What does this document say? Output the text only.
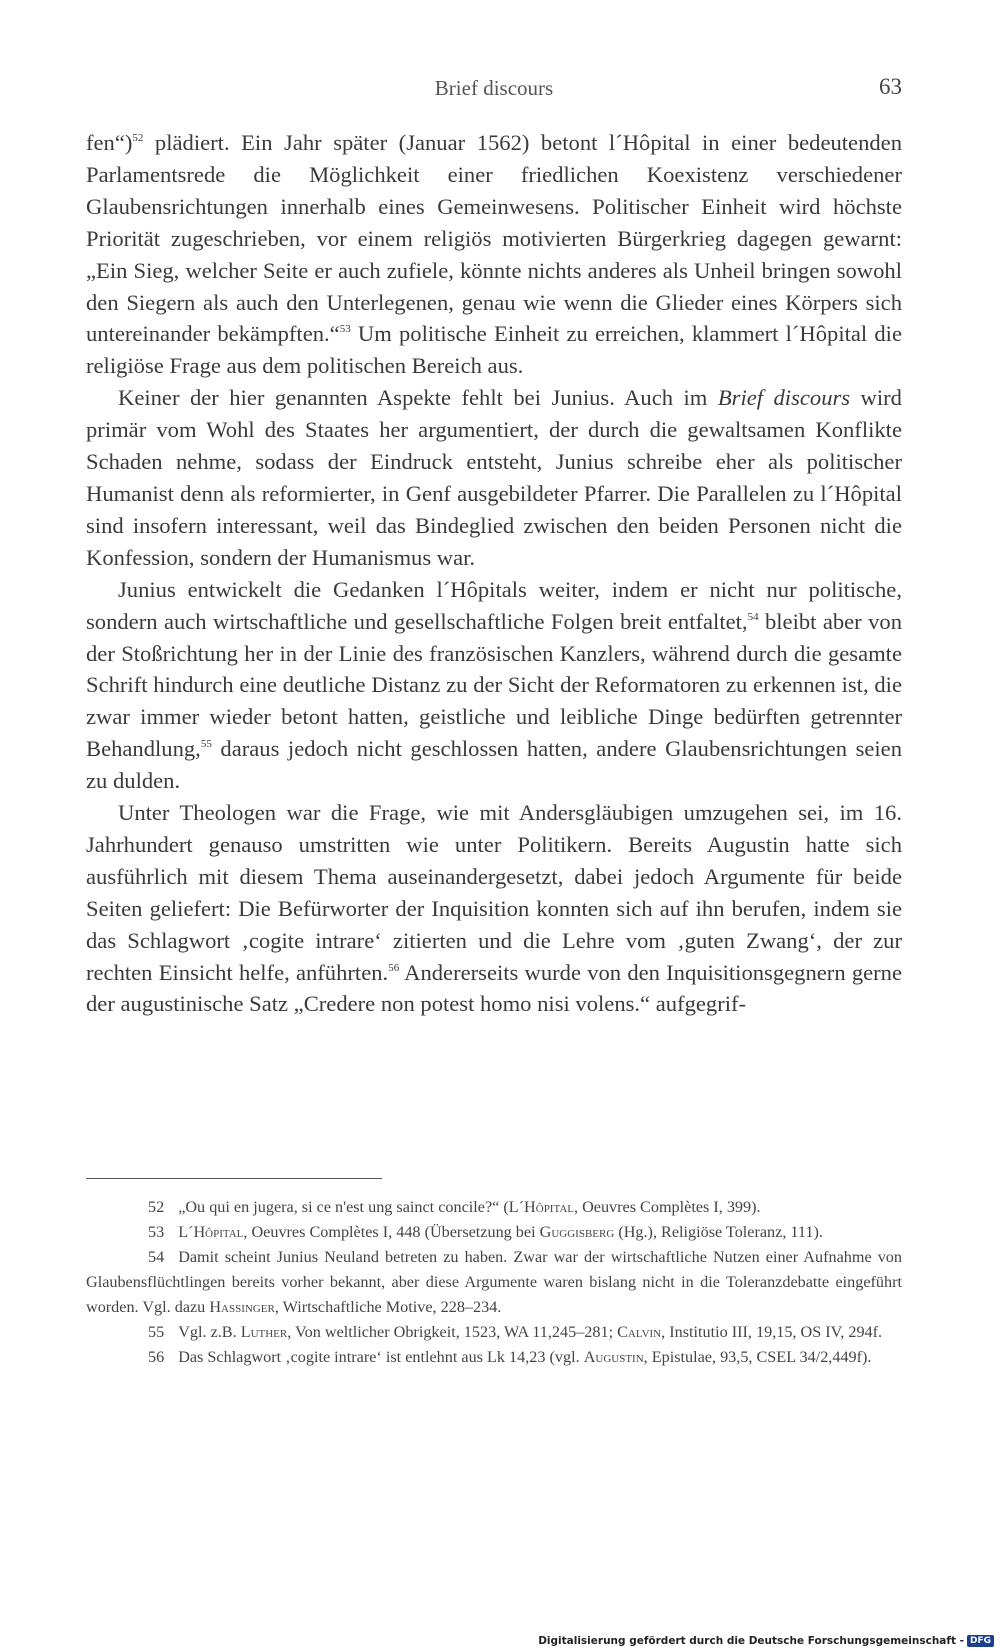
Brief discours	63

fen“)$^{52}$ plädiert. Ein Jahr später (Januar 1562) betont l´Hôpital in einer bedeutenden Parlamentsrede die Möglichkeit einer friedlichen Koexistenz verschiedener Glaubensrichtungen innerhalb eines Gemeinwesens. Politischer Einheit wird höchste Priorität zugeschrieben, vor einem religiös motivierten Bürgerkrieg dagegen gewarnt: „Ein Sieg, welcher Seite er auch zufiele, könnte nichts anderes als Unheil bringen sowohl den Siegern als auch den Unterlegenen, genau wie wenn die Glieder eines Körpers sich untereinander bekämpften.“$^{53}$ Um politische Einheit zu erreichen, klammert l´Hôpital die religiöse Frage aus dem politischen Bereich aus.

Keiner der hier genannten Aspekte fehlt bei Junius. Auch im Brief discours wird primär vom Wohl des Staates her argumentiert, der durch die gewaltsamen Konflikte Schaden nehme, sodass der Eindruck entsteht, Junius schreibe eher als politischer Humanist denn als reformierter, in Genf ausgebildeter Pfarrer. Die Parallelen zu l´Hôpital sind insofern interessant, weil das Bindeglied zwischen den beiden Personen nicht die Konfession, sondern der Humanismus war.

Junius entwickelt die Gedanken l´Hôpitals weiter, indem er nicht nur politische, sondern auch wirtschaftliche und gesellschaftliche Folgen breit entfaltet,$^{54}$ bleibt aber von der Stoßrichtung her in der Linie des französischen Kanzlers, während durch die gesamte Schrift hindurch eine deutliche Distanz zu der Sicht der Reformatoren zu erkennen ist, die zwar immer wieder betont hatten, geistliche und leibliche Dinge bedürften getrennter Behandlung,$^{55}$ daraus jedoch nicht geschlossen hatten, andere Glaubensrichtungen seien zu dulden.

Unter Theologen war die Frage, wie mit Andersgläubigen umzugehen sei, im 16. Jahrhundert genauso umstritten wie unter Politikern. Bereits Augustin hatte sich ausführlich mit diesem Thema auseinandergesetzt, dabei jedoch Argumente für beide Seiten geliefert: Die Befürworter der Inquisition konnten sich auf ihn berufen, indem sie das Schlagwort ‚cogite intrare‘ zitierten und die Lehre vom ‚guten Zwang‘, der zur rechten Einsicht helfe, anführten.$^{56}$ Andererseits wurde von den Inquisitionsgegnern gerne der augustinische Satz „Credere non potest homo nisi volens.“ aufgegrif-

52 „Ou qui en jugera, si ce n'est ung sainct concile?“ (L´Hôpital, Oeuvres Complètes I, 399).

53 L´Hôpital, Oeuvres Complètes I, 448 (Übersetzung bei Guggisberg (Hg.), Religiöse Toleranz, 111).

54 Damit scheint Junius Neuland betreten zu haben. Zwar war der wirtschaftliche Nutzen einer Aufnahme von Glaubensflüchtlingen bereits vorher bekannt, aber diese Argumente waren bislang nicht in die Toleranzdebatte eingeführt worden. Vgl. dazu Hassinger, Wirtschaftliche Motive, 228–234.

55 Vgl. z.B. Luther, Von weltlicher Obrigkeit, 1523, WA 11,245–281; Calvin, Institutio III, 19,15, OS IV, 294f.

56 Das Schlagwort ‚cogite intrare‘ ist entlehnt aus Lk 14,23 (vgl. Augustin, Epistulae, 93,5, CSEL 34/2,449f).

Digitalisierung gefördert durch die Deutsche Forschungsgemeinschaft - DFG
